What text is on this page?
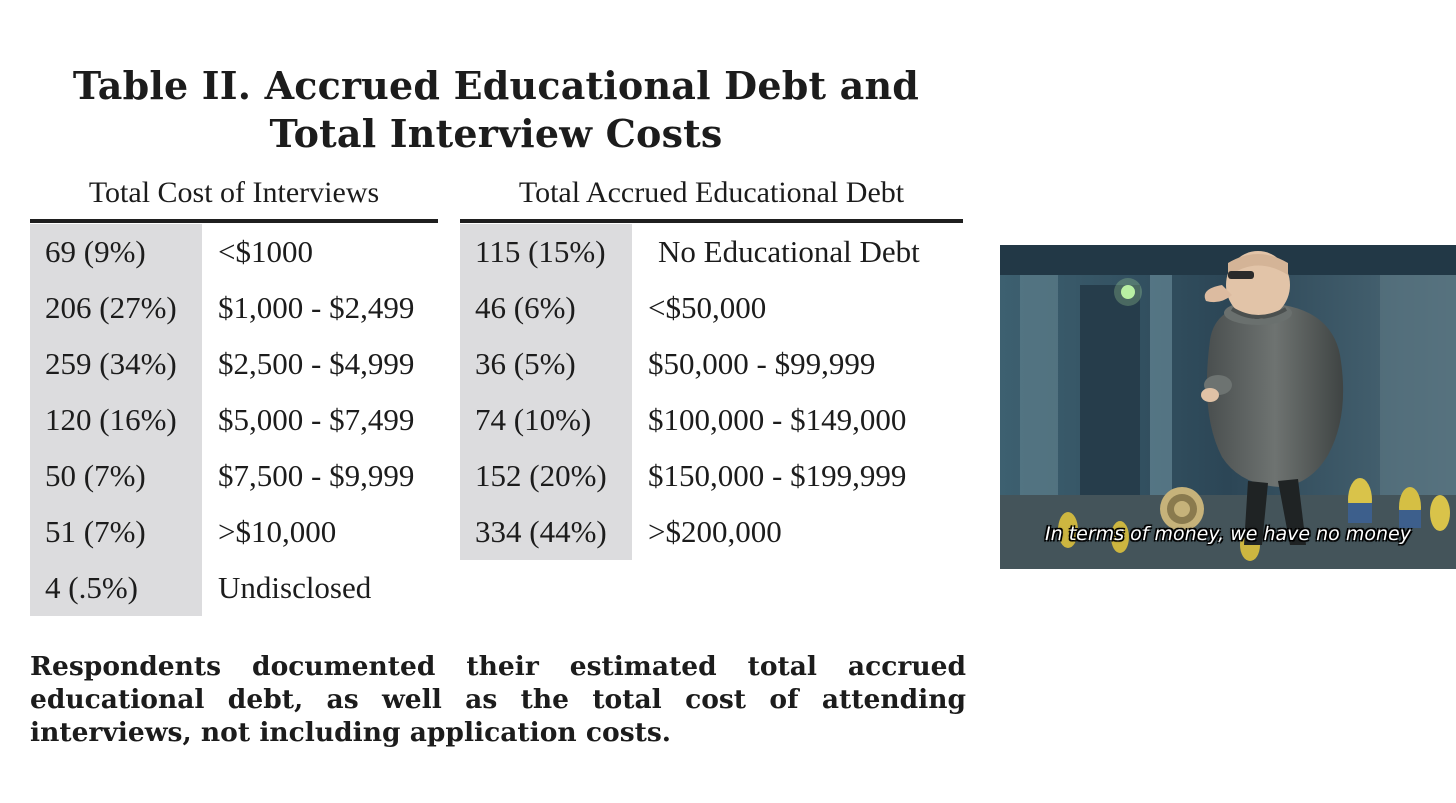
Table II. Accrued Educational Debt and Total Interview Costs
Total Cost of Interviews
69 (9%)	<$1000
206 (27%)	$1,000 - $2,499
259 (34%)	$2,500 - $4,999
120 (16%)	$5,000 - $7,499
50 (7%)	$7,500 - $9,999
51 (7%)	>$10,000
4 (.5%)	Undisclosed
Total Accrued Educational Debt
115 (15%)	No Educational Debt
46 (6%)	<$50,000
36 (5%)	$50,000 - $99,999
74 (10%)	$100,000 - $149,000
152 (20%)	$150,000 - $199,999
334 (44%)	>$200,000

Respondents documented their estimated total accrued educational debt, as well as the total cost of attending interviews, not including application costs.

In terms of money, we have no money
